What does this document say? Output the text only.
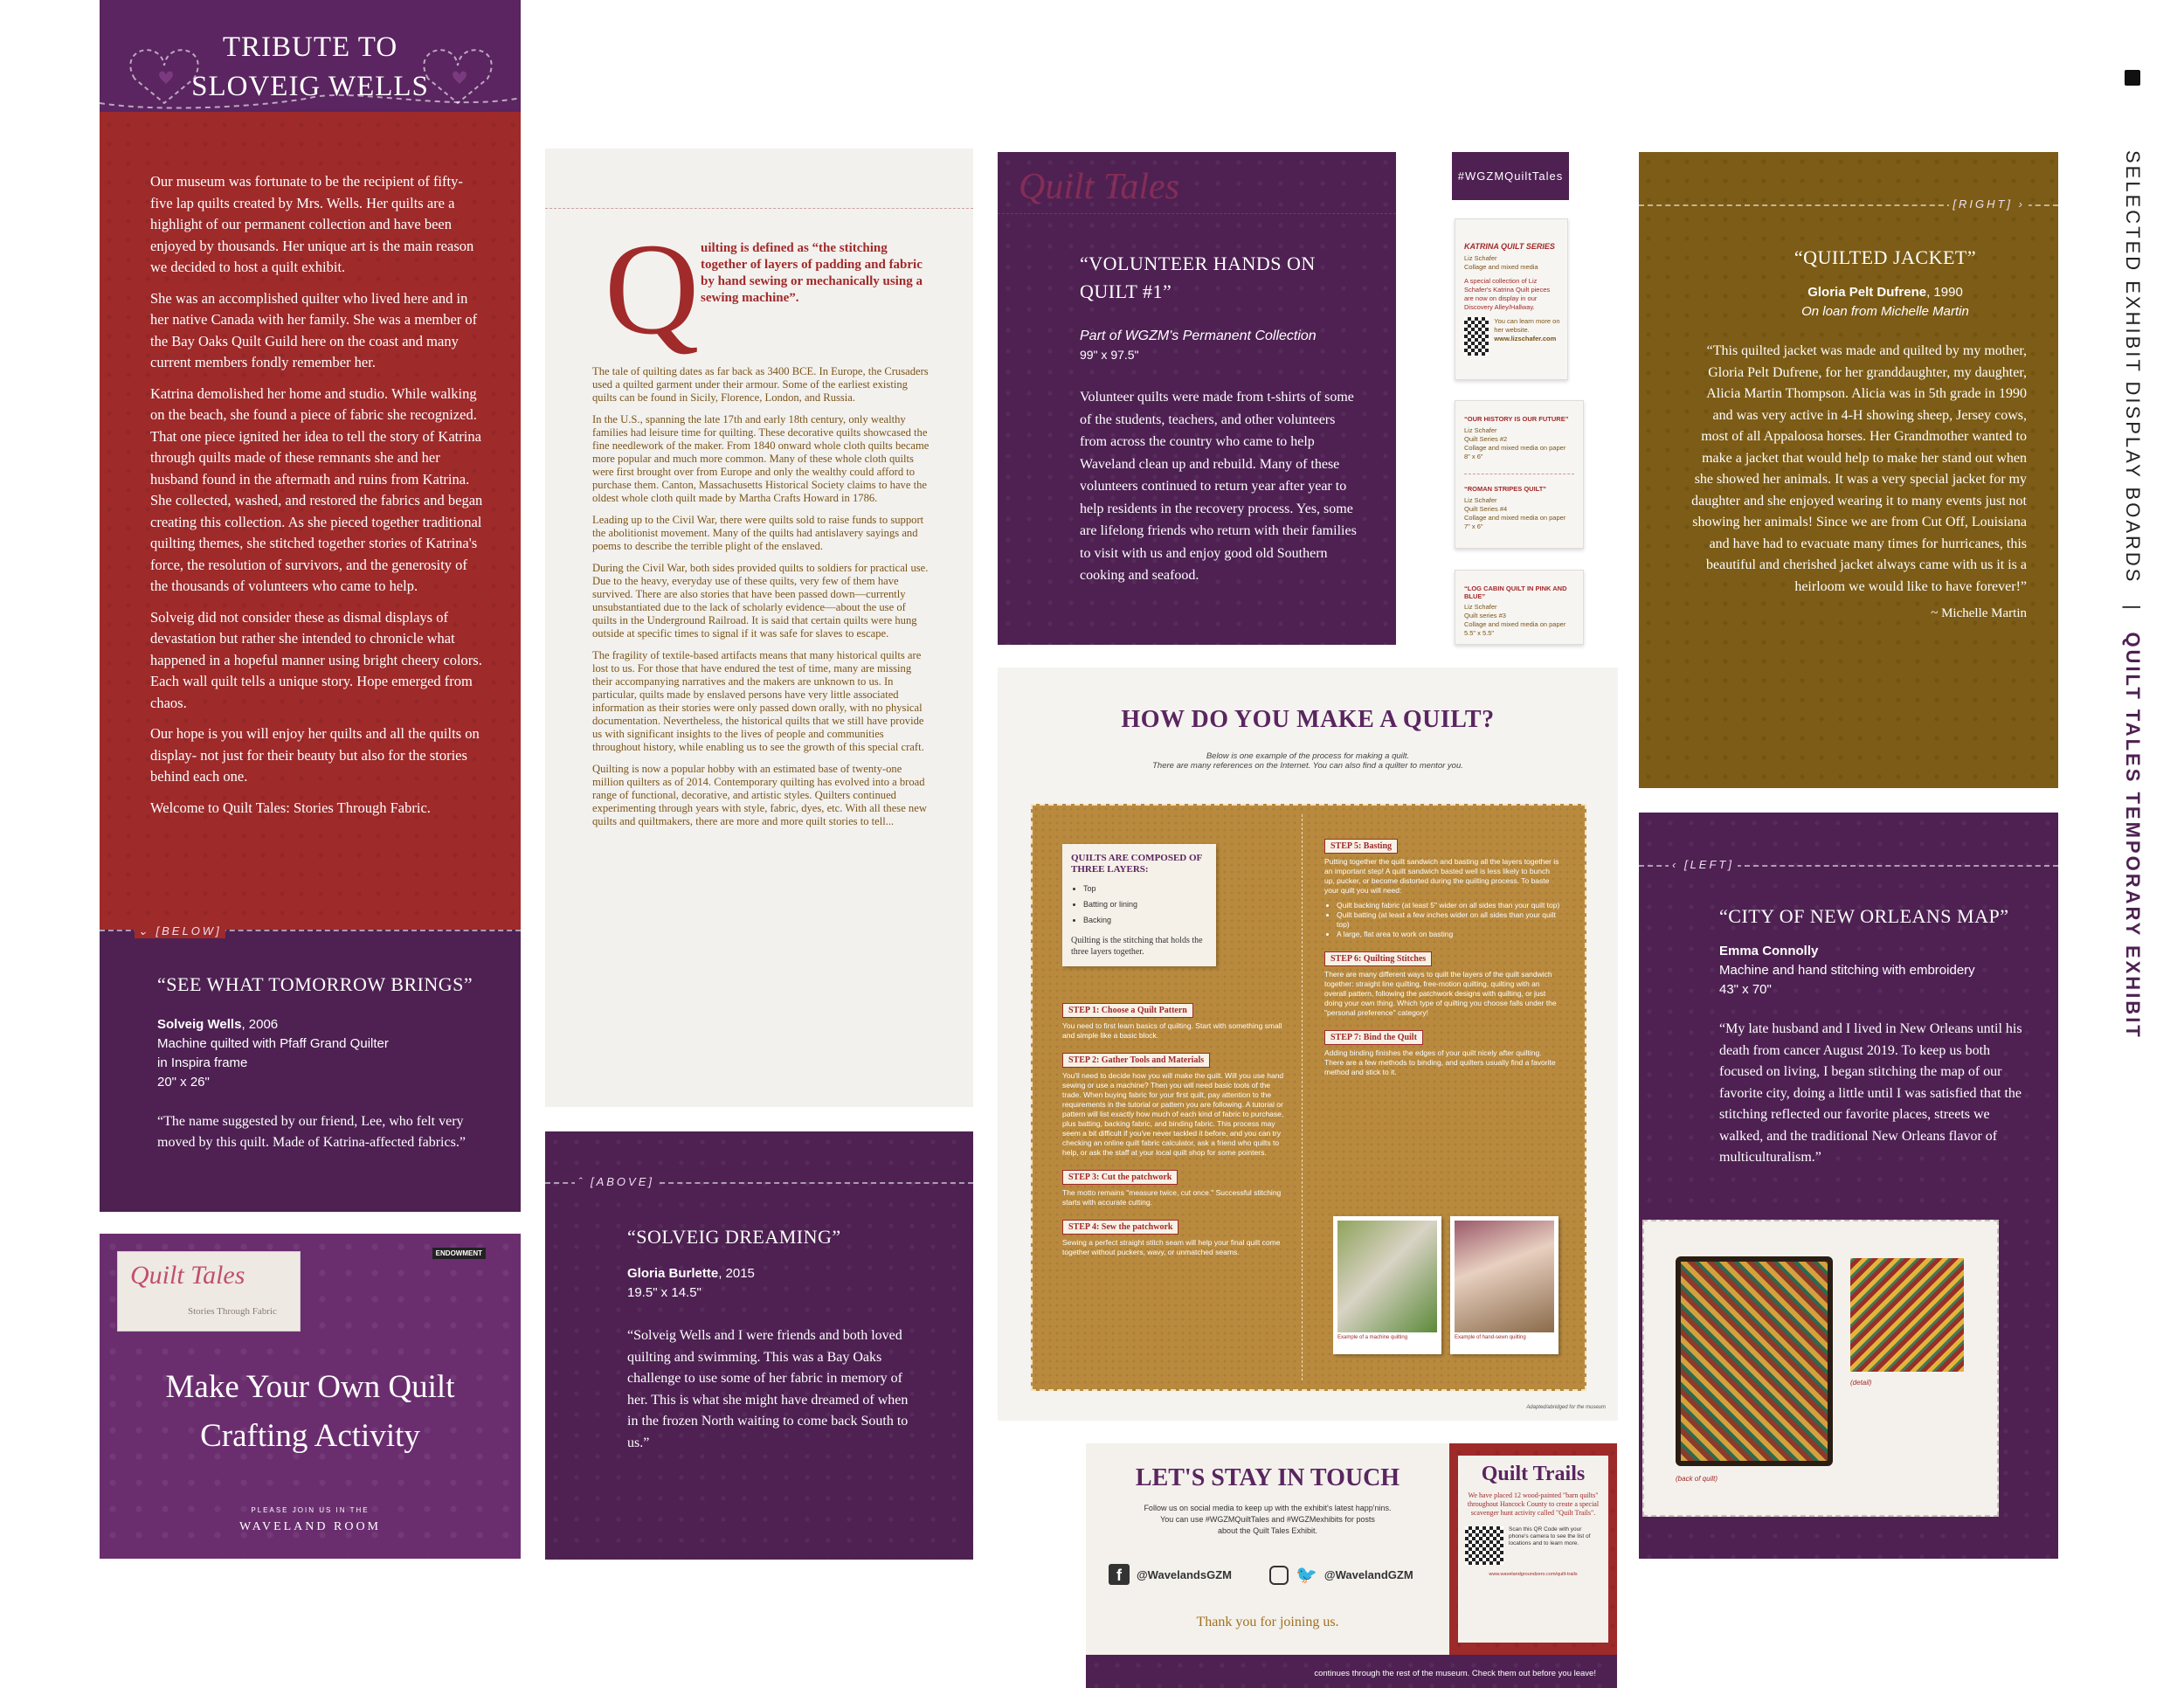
SELECTED EXHIBIT DISPLAY BOARDS | QUILT TALES TEMPORARY EXHIBIT
TRIBUTE TO
SLOVEIG WELLS

Our museum was fortunate to be the recipient of fifty-five lap quilts created by Mrs. Wells. Her quilts are a highlight of our permanent collection and have been enjoyed by thousands. Her unique art is the main reason we decided to host a quilt exhibit.

She was an accomplished quilter who lived here and in her native Canada with her family. She was a member of the Bay Oaks Quilt Guild here on the coast and many current members fondly remember her.

Katrina demolished her home and studio. While walking on the beach, she found a piece of fabric she recognized. That one piece ignited her idea to tell the story of Katrina through quilts made of these remnants she and her husband found in the aftermath and ruins from Katrina. She collected, washed, and restored the fabrics and began creating this collection. As she pieced together traditional quilting themes, she stitched together stories of Katrina's force, the resolution of survivors, and the generosity of the thousands of volunteers who came to help.

Solveig did not consider these as dismal displays of devastation but rather she intended to chronicle what happened in a hopeful manner using bright cheery colors. Each wall quilt tells a unique story. Hope emerged from chaos.

Our hope is you will enjoy her quilts and all the quilts on display- not just for their beauty but also for the stories behind each one.

Welcome to Quilt Tales: Stories Through Fabric.

⌄ [BELOW]
“SEE WHAT TOMORROW BRINGS”
Solveig Wells, 2006
Machine quilted with Pfaff Grand Quilter
in Inspira frame
20" x 26"
“The name suggested by our friend, Lee, who felt very moved by this quilt. Made of Katrina-affected fabrics.”
Q uilting is defined as “the stitching together of layers of padding and fabric by hand sewing or mechanically using a sewing machine”.

The tale of quilting dates as far back as 3400 BCE. In Europe, the Crusaders used a quilted garment under their armour. Some of the earliest existing quilts can be found in Sicily, Florence, London, and Russia.

In the U.S., spanning the late 17th and early 18th century, only wealthy families had leisure time for quilting. These decorative quilts showcased the fine needlework of the maker. From 1840 onward whole cloth quilts became more popular and much more common. Many of these whole cloth quilts were first brought over from Europe and only the wealthy could afford to purchase them. Canton, Massachusetts Historical Society claims to have the oldest whole cloth quilt made by Martha Crafts Howard in 1786.

Leading up to the Civil War, there were quilts sold to raise funds to support the abolitionist movement. Many of the quilts had antislavery sayings and poems to describe the terrible plight of the enslaved.

During the Civil War, both sides provided quilts to soldiers for practical use. Due to the heavy, everyday use of these quilts, very few of them have survived. There are also stories that have been passed down—currently unsubstantiated due to the lack of scholarly evidence—about the use of quilts in the Underground Railroad. It is said that certain quilts were hung outside at specific times to signal if it was safe for slaves to escape.

The fragility of textile-based artifacts means that many historical quilts are lost to us. For those that have endured the test of time, many are missing their accompanying narratives and the makers are unknown to us. In particular, quilts made by enslaved persons have very little associated information as their stories were only passed down orally, with no physical documentation. Nevertheless, the historical quilts that we still have provide us with significant insights to the lives of people and communities throughout history, while enabling us to see the growth of this special craft.

Quilting is now a popular hobby with an estimated base of twenty-one million quilters as of 2014. Contemporary quilting has evolved into a broad range of functional, decorative, and artistic styles. Quilters continued experimenting through years with style, fabric, dyes, etc. With all these new quilts and quiltmakers, there are more and more quilt stories to tell...

Quilt Tales
“VOLUNTEER HANDS ON
QUILT #1”
Part of WGZM's Permanent Collection
99" x 97.5"
Volunteer quilts were made from t-shirts of some of the students, teachers, and other volunteers from across the country who came to help Waveland clean up and rebuild. Many of these volunteers continued to return year after year to help residents in the recovery process. Yes, some are lifelong friends who return with their families to visit with us and enjoy good old Southern cooking and seafood.
#WGZMQuiltTales
KATRINA QUILT SERIES
Liz Schafer
Collage and mixed media
A special collection of Liz Schafer's Katrina Quilt pieces are now on display in our Discovery Alley/Hallway.
You can learn more on her website.
www.lizschafer.com
“OUR HISTORY IS OUR FUTURE”
Liz Schafer
Quilt Series #2
Collage and mixed media on paper
8" x 6"
“ROMAN STRIPES QUILT”
Liz Schafer
Quilt Series #4
Collage and mixed media on paper
7" x 6"
“LOG CABIN QUILT IN PINK AND BLUE”
Liz Schafer
Quilt series #3
Collage and mixed media on paper
5.5" x 5.5"
[RIGHT] ›
“QUILTED JACKET”
Gloria Pelt Dufrene, 1990
On loan from Michelle Martin
“This quilted jacket was made and quilted by my mother, Gloria Pelt Dufrene, for her granddaughter, my daughter, Alicia Martin Thompson. Alicia was in 5th grade in 1990 and was very active in 4-H showing sheep, Jersey cows, most of all Appaloosa horses. Her Grandmother wanted to make a jacket that would help to make her stand out when she showed her animals. It was a very special jacket for my daughter and she enjoyed wearing it to many events just not showing her animals! Since we are from Cut Off, Louisiana and have had to evacuate many times for hurricanes, this beautiful and cherished jacket always came with us it is a heirloom we would like to have forever!”
~ Michelle Martin
‹ [LEFT]
“CITY OF NEW ORLEANS MAP”
Emma Connolly
Machine and hand stitching with embroidery
43" x 70"
“My late husband and I lived in New Orleans until his death from cancer August 2019. To keep us both focused on living, I began stitching the map of our favorite city, doing a little until I was satisfied that the stitching reflected our favorite places, streets we walked, and the traditional New Orleans flavor of multiculturalism.”
(back of quilt)
(detail)
ˆ [ABOVE]
“SOLVEIG DREAMING”
Gloria Burlette, 2015
19.5" x 14.5"
“Solveig Wells and I were friends and both loved quilting and swimming. This was a Bay Oaks challenge to use some of her fabric in memory of her. This is what she might have dreamed of when in the frozen North waiting to come back South to us.”
Quilt Tales
Stories Through Fabric
ENDOWMENT
Make Your Own Quilt
Crafting Activity
PLEASE JOIN US IN THE
WAVELAND ROOM
HOW DO YOU MAKE A QUILT?
Below is one example of the process for making a quilt.
There are many references on the Internet. You can also find a quilter to mentor you.
QUILTS ARE COMPOSED OF THREE LAYERS:
• Top
• Batting or lining
• Backing
Quilting is the stitching that holds the three layers together.
STEP 1: Choose a Quilt Pattern
You need to first learn basics of quilting. Start with something small and simple like a basic block.
STEP 2: Gather Tools and Materials
You'll need to decide how you will make the quilt. Will you use hand sewing or use a machine? Then you will need basic tools of the trade. When buying fabric for your first quilt, pay attention to the requirements in the tutorial or pattern you are following. A tutorial or pattern will list exactly how much of each kind of fabric to purchase, plus batting, backing fabric, and binding fabric. This process may seem a bit difficult if you've never tackled it before, and you can try checking an online quilt fabric calculator, ask a friend who quilts to help, or ask the staff at your local quilt shop for some pointers.
STEP 3: Cut the patchwork
The motto remains "measure twice, cut once." Successful stitching starts with accurate cutting.
STEP 4: Sew the patchwork
Sewing a perfect straight stitch seam will help your final quilt come together without puckers, wavy, or unmatched seams.
STEP 5: Basting
Putting together the quilt sandwich and basting all the layers together is an important step! A quilt sandwich basted well is less likely to bunch up, pucker, or become distorted during the quilting process. To baste your quilt you will need:
• Quilt backing fabric (at least 5" wider on all sides than your quilt top)
• Quilt batting (at least a few inches wider on all sides than your quilt top)
• A large, flat area to work on basting
STEP 6: Quilting Stitches
There are many different ways to quilt the layers of the quilt sandwich together: straight line quilting, free-motion quilting, quilting with an overall pattern, following the patchwork designs with quilting, or just doing your own thing. Which type of quilting you choose falls under the "personal preference" category!
STEP 7: Bind the Quilt
Adding binding finishes the edges of your quilt nicely after quilting. There are a few methods to binding, and quilters usually find a favorite method and stick to it.
Example of a machine quilting	Example of hand-sewn quilting
Adapted/abridged for the museum
LET'S STAY IN TOUCH
Follow us on social media to keep up with the exhibit's latest happ'nins.
You can use #WGZMQuiltTales and #WGZMexhibits for posts
about the Quilt Tales Exhibit.
f	@WavelandsGZM	🐦 @WavelandGZM
Thank you for joining us.
Quilt Trails
We have placed 12 wood-painted "barn quilts" throughout Hancock County to create a special scavenger hunt activity called "Quilt Trails".
Scan this QR Code with your phone's camera to see the list of locations and to learn more.
www.wavelandgroundzero.com/quilt-trails
continues through the rest of the museum. Check them out before you leave!
